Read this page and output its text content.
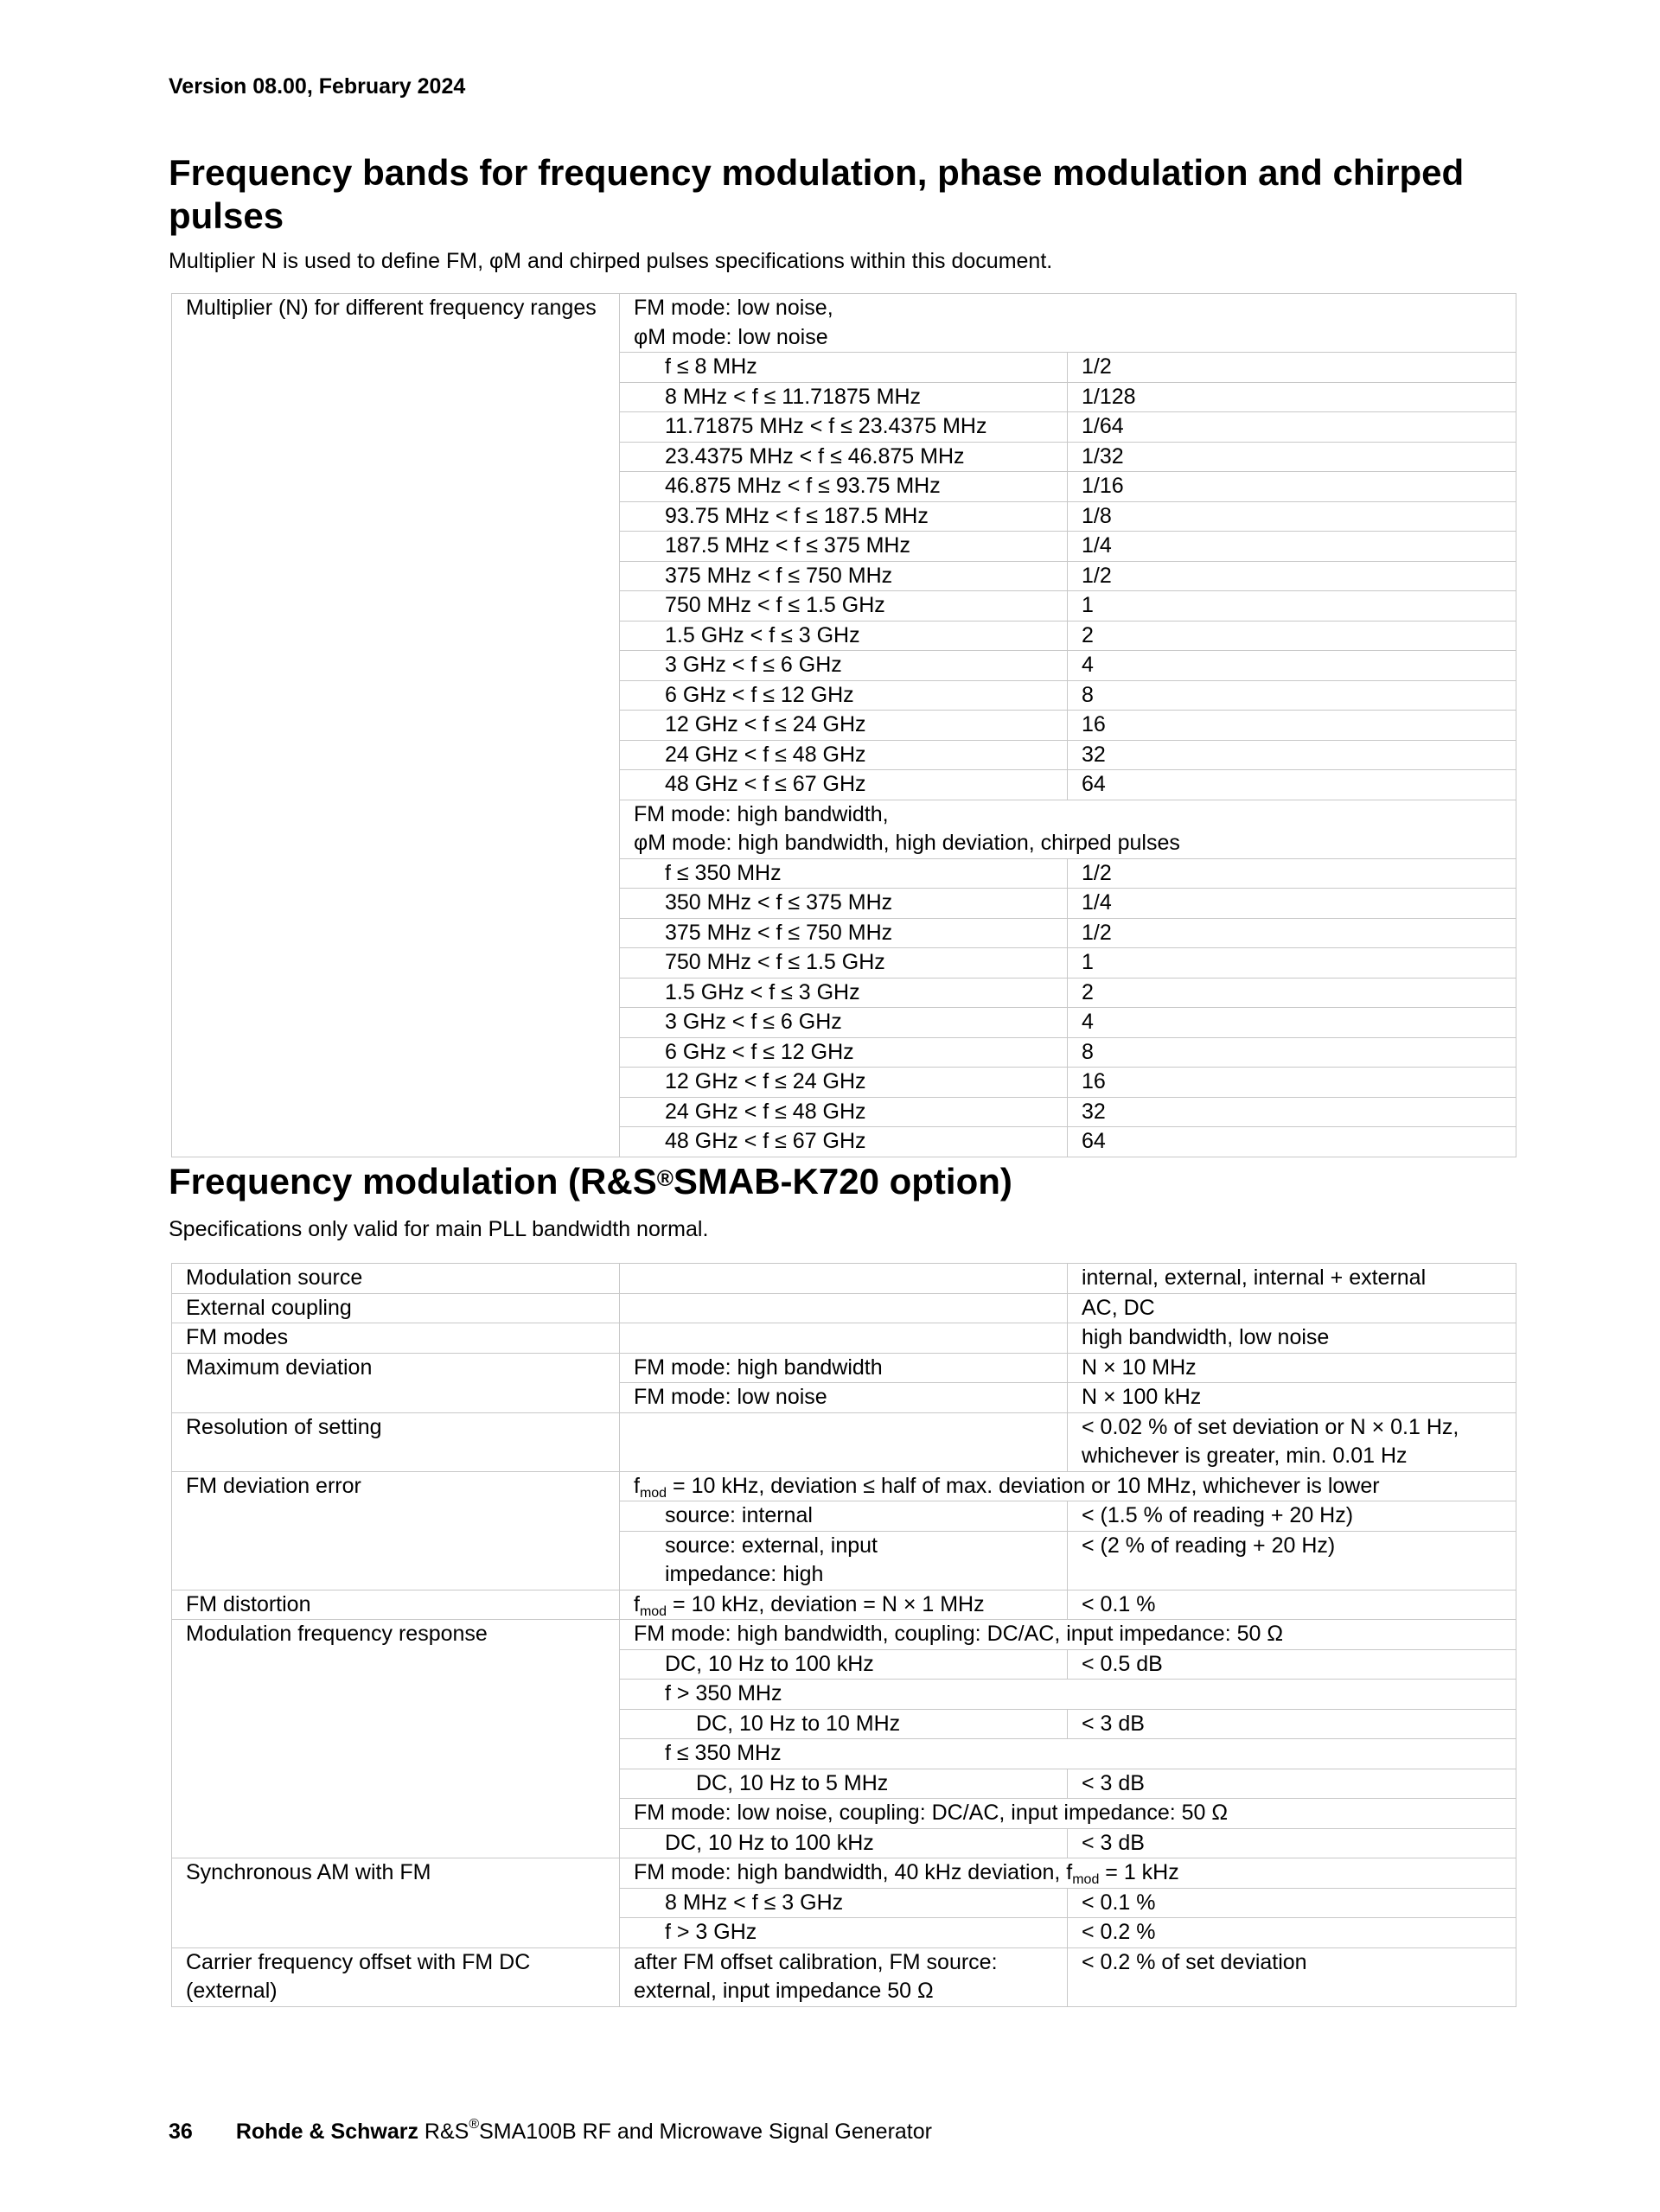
Version 08.00, February 2024
Frequency bands for frequency modulation, phase modulation and chirped pulses
Multiplier N is used to define FM, φM and chirped pulses specifications within this document.
Multiplier (N) for different frequency ranges	FM mode: low noise,	
	φM mode: low noise	
	f ≤ 8 MHz	1/2
	8 MHz < f ≤ 11.71875 MHz	1/128
	11.71875 MHz < f ≤ 23.4375 MHz	1/64
	23.4375 MHz < f ≤ 46.875 MHz	1/32
	46.875 MHz < f ≤ 93.75 MHz	1/16
	93.75 MHz < f ≤ 187.5 MHz	1/8
	187.5 MHz < f ≤ 375 MHz	1/4
	375 MHz < f ≤ 750 MHz	1/2
	750 MHz < f ≤ 1.5 GHz	1
	1.5 GHz < f ≤ 3 GHz	2
	3 GHz < f ≤ 6 GHz	4
	6 GHz < f ≤ 12 GHz	8
	12 GHz < f ≤ 24 GHz	16
	24 GHz < f ≤ 48 GHz	32
	48 GHz < f ≤ 67 GHz	64
	FM mode: high bandwidth,	
	φM mode: high bandwidth, high deviation, chirped pulses	
	f ≤ 350 MHz	1/2
	350 MHz < f ≤ 375 MHz	1/4
	375 MHz < f ≤ 750 MHz	1/2
	750 MHz < f ≤ 1.5 GHz	1
	1.5 GHz < f ≤ 3 GHz	2
	3 GHz < f ≤ 6 GHz	4
	6 GHz < f ≤ 12 GHz	8
	12 GHz < f ≤ 24 GHz	16
	24 GHz < f ≤ 48 GHz	32
	48 GHz < f ≤ 67 GHz	64
Frequency modulation (R&S®SMAB-K720 option)
Specifications only valid for main PLL bandwidth normal.
Modulation source		internal, external, internal + external
External coupling		AC, DC
FM modes		high bandwidth, low noise
Maximum deviation	FM mode: high bandwidth	N × 10 MHz
	FM mode: low noise	N × 100 kHz
Resolution of setting		< 0.02 % of set deviation or N × 0.1 Hz, whichever is greater, min. 0.01 Hz
FM deviation error	$f_{mod} = 10$ kHz, deviation ≤ half of max. deviation or 10 MHz, whichever is lower	
	source: internal	< (1.5 % of reading + 20 Hz)
	source: external, input impedance: high	< (2 % of reading + 20 Hz)
FM distortion	$f_{mod} = 10$ kHz, deviation = N × 1 MHz	< 0.1 %
Modulation frequency response	FM mode: high bandwidth, coupling: DC/AC, input impedance: 50 Ω	
	DC, 10 Hz to 100 kHz	< 0.5 dB
	f > 350 MHz	
	DC, 10 Hz to 10 MHz	< 3 dB
	f ≤ 350 MHz	
	DC, 10 Hz to 5 MHz	< 3 dB
	FM mode: low noise, coupling: DC/AC, input impedance: 50 Ω	
	DC, 10 Hz to 100 kHz	< 3 dB
Synchronous AM with FM	FM mode: high bandwidth, 40 kHz deviation, $f_{mod} = 1$ kHz	
	8 MHz < f ≤ 3 GHz	< 0.1 %
	f > 3 GHz	< 0.2 %
Carrier frequency offset with FM DC (external)	after FM offset calibration, FM source: external, input impedance 50 Ω	< 0.2 % of set deviation
36 Rohde & Schwarz R&S®SMA100B RF and Microwave Signal Generator
